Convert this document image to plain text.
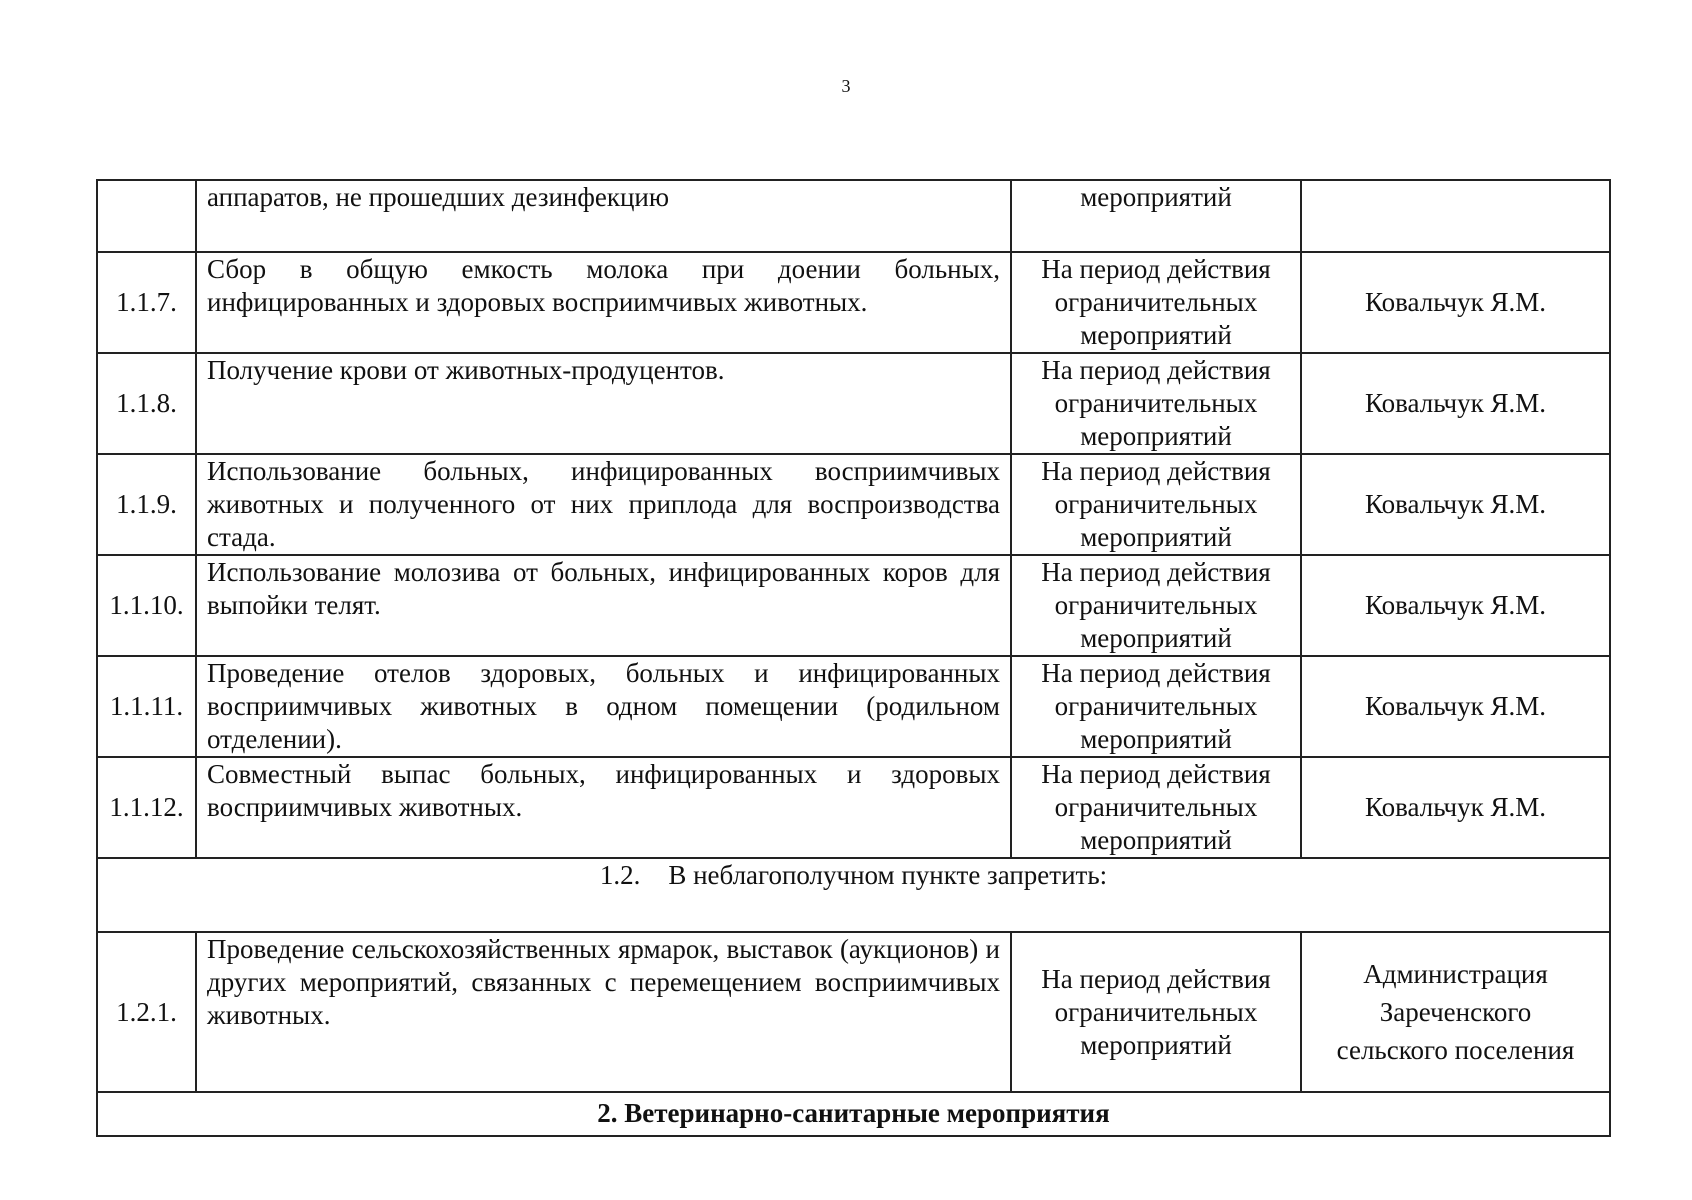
3
	аппаратов, не прошедших дезинфекцию	мероприятий	

1.1.7.	Сбор в общую емкость молока при доении больных, инфицированных и здоровых восприимчивых животных.	На период действия
ограничительных
мероприятий	Ковальчук Я.М.
1.1.8.	Получение крови от животных-продуцентов.	На период действия
ограничительных
мероприятий	Ковальчук Я.М.
1.1.9.	Использование больных, инфицированных восприимчивых животных и полученного от них приплода для воспроизводства стада.	На период действия
ограничительных
мероприятий	Ковальчук Я.М.
1.1.10.	Использование молозива от больных, инфицированных коров для выпойки телят.	На период действия
ограничительных
мероприятий	Ковальчук Я.М.
1.1.11.	Проведение отелов здоровых, больных и инфицированных восприимчивых животных в одном помещении (родильном отделении).	На период действия
ограничительных
мероприятий	Ковальчук Я.М.
1.1.12.	Совместный выпас больных, инфицированных и здоровых восприимчивых животных.	На период действия
ограничительных
мероприятий	Ковальчук Я.М.
1.2. В неблагополучном пункте запретить:			
1.2.1.	Проведение сельскохозяйственных ярмарок, выставок (аукционов) и других мероприятий, связанных с перемещением восприимчивых животных.	На период действия
ограничительных
мероприятий	Администрация
Зареченского
сельского поселения

2. Ветеринарно-санитарные мероприятия			
